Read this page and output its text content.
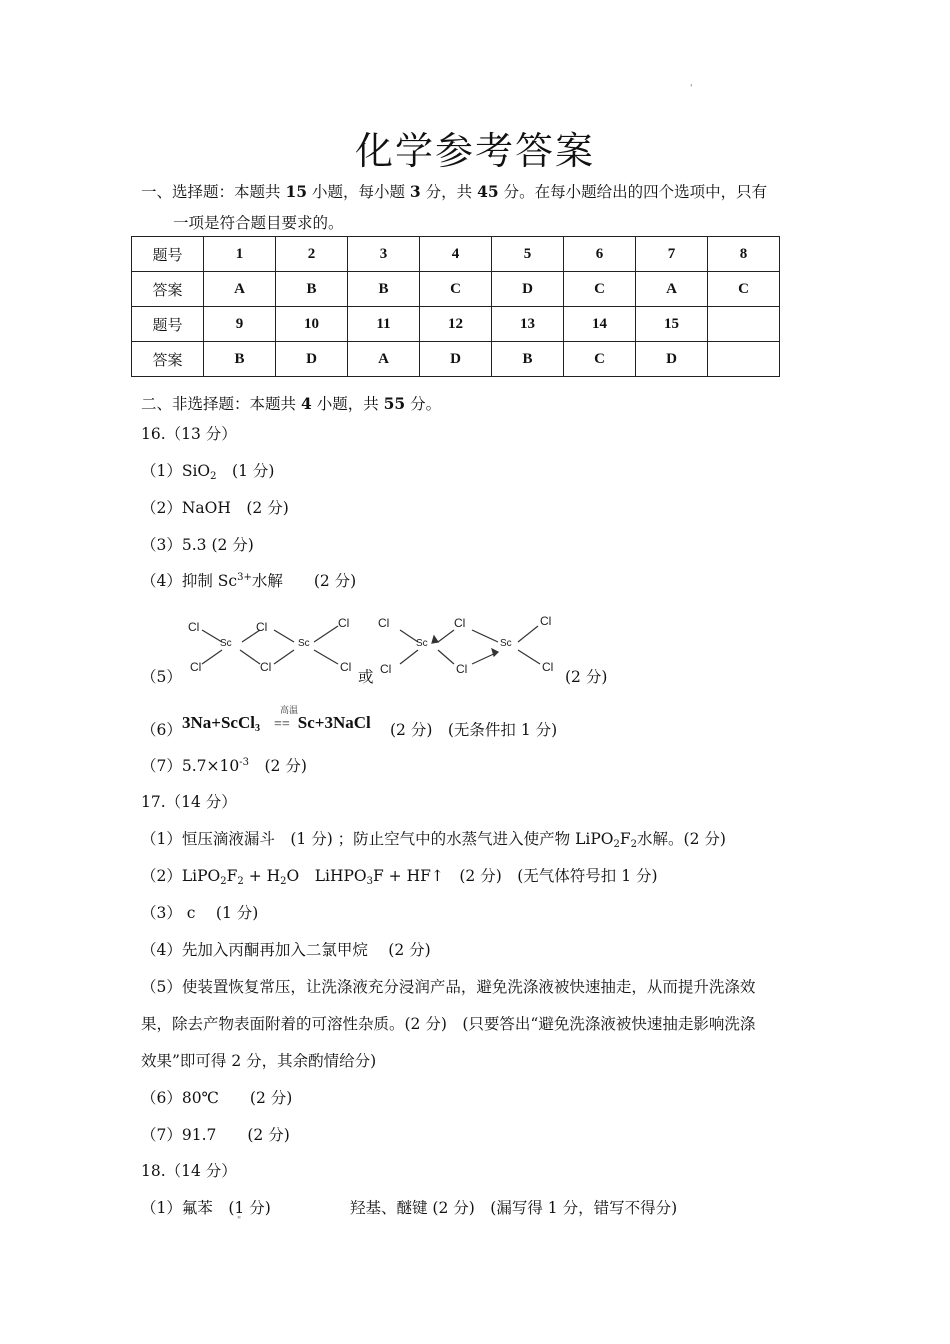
'
化学参考答案
一、选择题：本题共 15 小题，每小题 3 分，共 45 分。在每小题给出的四个选项中，只有
一项是符合题目要求的。
题号	1	2	3	4	5	6	7	8
答案	A	B	B	C	D	C	A	C
题号	9	10	11	12	13	14	15	
答案	B	D	A	D	B	C	D	
二、非选择题：本题共 4 小题，共 55 分。
16.（13 分）
（1）SiO$_2$　(1 分)
（2）NaOH　(2 分)
（3）5.3 (2 分)
（4）抑制 $Sc^{3+}$水解　　(2 分)
（5）
Cl
Cl
Sc
Cl
Cl
Sc
Cl
Cl
Cl
Cl
Sc
Cl
Cl
Sc
Cl
Cl
或	(2 分)
（6）
高温
3Na+ScCl$_3$ == Sc+3NaCl (2 分)　(无条件扣 1 分)
$(7)5.7\times 10^{-3}$　(2 分)
17.（14 分）
（1）恒压滴液漏斗　(1 分) ；防止空气中的水蒸气进入使产物 $LiPO_2F_2$水解。(2 分)
$(2)LiPO_2F_2 + H_2O$　LiHPO$_3$F + HF↑　(2 分)　(无气体符号扣 1 分)
（3） c　 (1 分)
（4）先加入丙酮再加入二氯甲烷　 (2 分)
（5）使装置恢复常压，让洗涤液充分浸润产品，避免洗涤液被快速抽走，从而提升洗涤效
果，除去产物表面附着的可溶性杂质。(2 分)　(只要答出“避免洗涤液被快速抽走影响洗涤
效果”即可得 2 分，其余酌情给分)
（6）80℃　　(2 分)
（7）91.7　　(2 分)
18.（14 分）
（1）氟苯　(1 分)	羟基、醚键 (2 分)　(漏写得 1 分，错写不得分)
"
